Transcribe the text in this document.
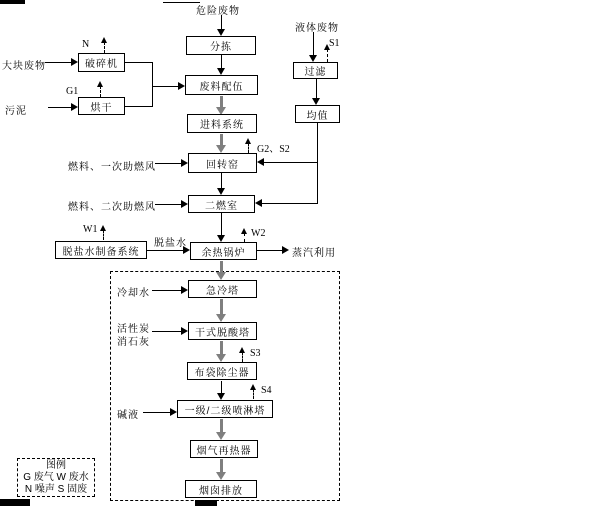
分拣
废料配伍
进料系统
回转窑
二燃室
余热锅炉
急冷塔
干式脱酸塔
布袋除尘器
一级/二级喷淋塔
烟气再热器
烟囱排放
破碎机
烘干
脱盐水制备系统
过滤
均值
危险废物
液体废物
大块废物
污泥
燃料、一次助燃风
燃料、二次助燃风
脱盐水
蒸汽利用
冷却水
活性炭
消石灰
碱液
N
G1
S1
G2、S2
W1	W2
S3
S4
图例
G 废气 W 废水
N 噪声 S 固废
